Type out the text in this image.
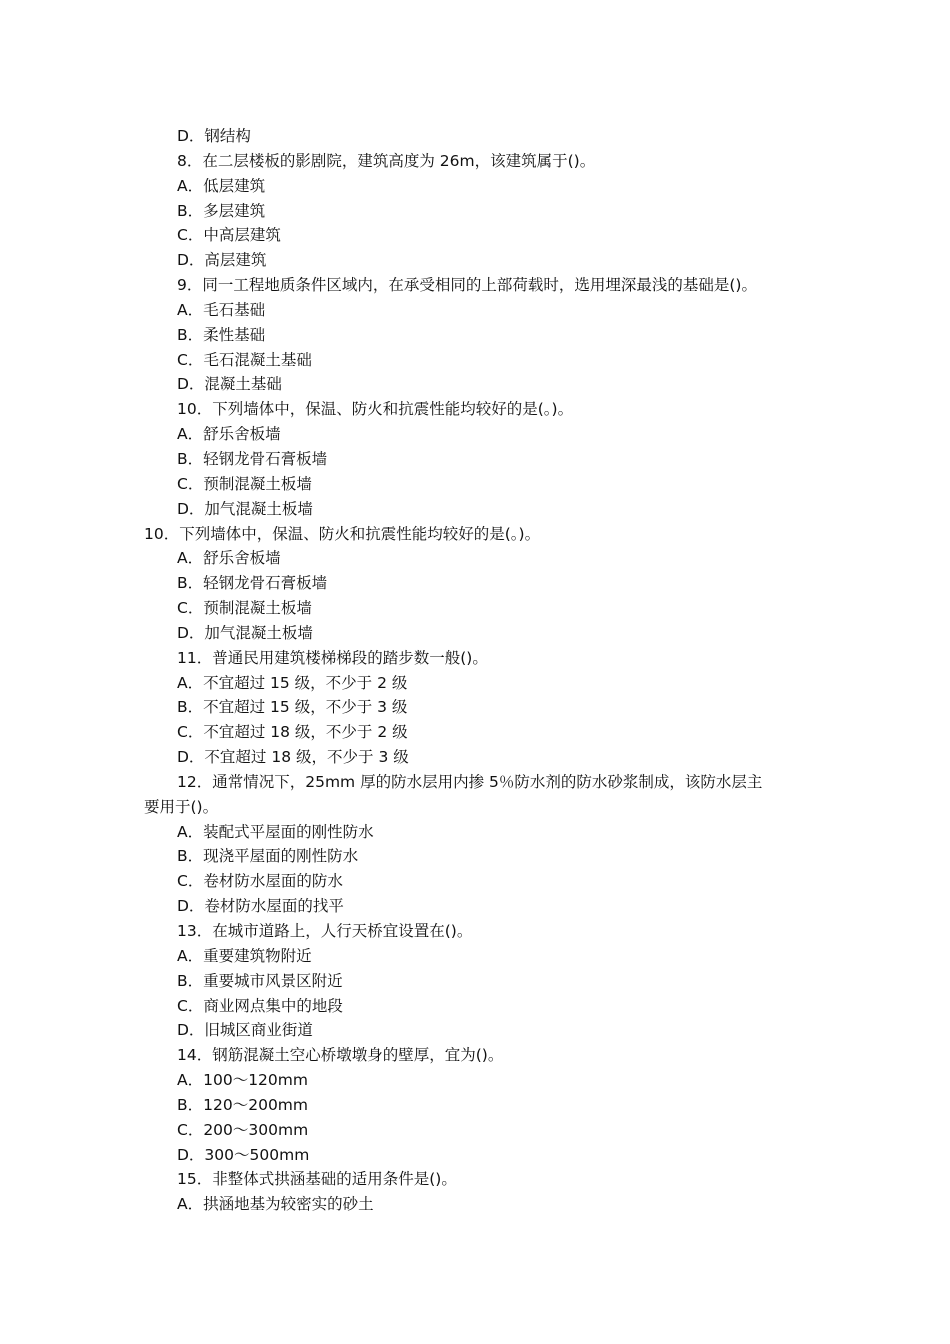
D．钢结构
8．在二层楼板的影剧院，建筑高度为 26m，该建筑属于()。
A．低层建筑
B．多层建筑
C．中高层建筑
D．高层建筑
9．同一工程地质条件区域内，在承受相同的上部荷载时，选用埋深最浅的基础是()。
A．毛石基础
B．柔性基础
C．毛石混凝土基础
D．混凝土基础
10．下列墙体中，保温、防火和抗震性能均较好的是(。)。
A．舒乐舍板墙
B．轻钢龙骨石膏板墙
C．预制混凝土板墙
D．加气混凝土板墙
10．下列墙体中，保温、防火和抗震性能均较好的是(。)。
A．舒乐舍板墙
B．轻钢龙骨石膏板墙
C．预制混凝土板墙
D．加气混凝土板墙
11．普通民用建筑楼梯梯段的踏步数一般()。
A．不宜超过 15 级，不少于 2 级
B．不宜超过 15 级，不少于 3 级
C．不宜超过 18 级，不少于 2 级
D．不宜超过 18 级，不少于 3 级
12．通常情况下，25mm 厚的防水层用内掺 5％防水剂的防水砂浆制成，该防水层主
要用于()。
A．装配式平屋面的刚性防水
B．现浇平屋面的刚性防水
C．卷材防水屋面的防水
D．卷材防水屋面的找平
13．在城市道路上，人行天桥宜设置在()。
A．重要建筑物附近
B．重要城市风景区附近
C．商业网点集中的地段
D．旧城区商业街道
14．钢筋混凝土空心桥墩墩身的壁厚，宜为()。
A．100～120mm
B．120～200mm
C．200～300mm
D．300～500mm
15．非整体式拱涵基础的适用条件是()。
A．拱涵地基为较密实的砂土
